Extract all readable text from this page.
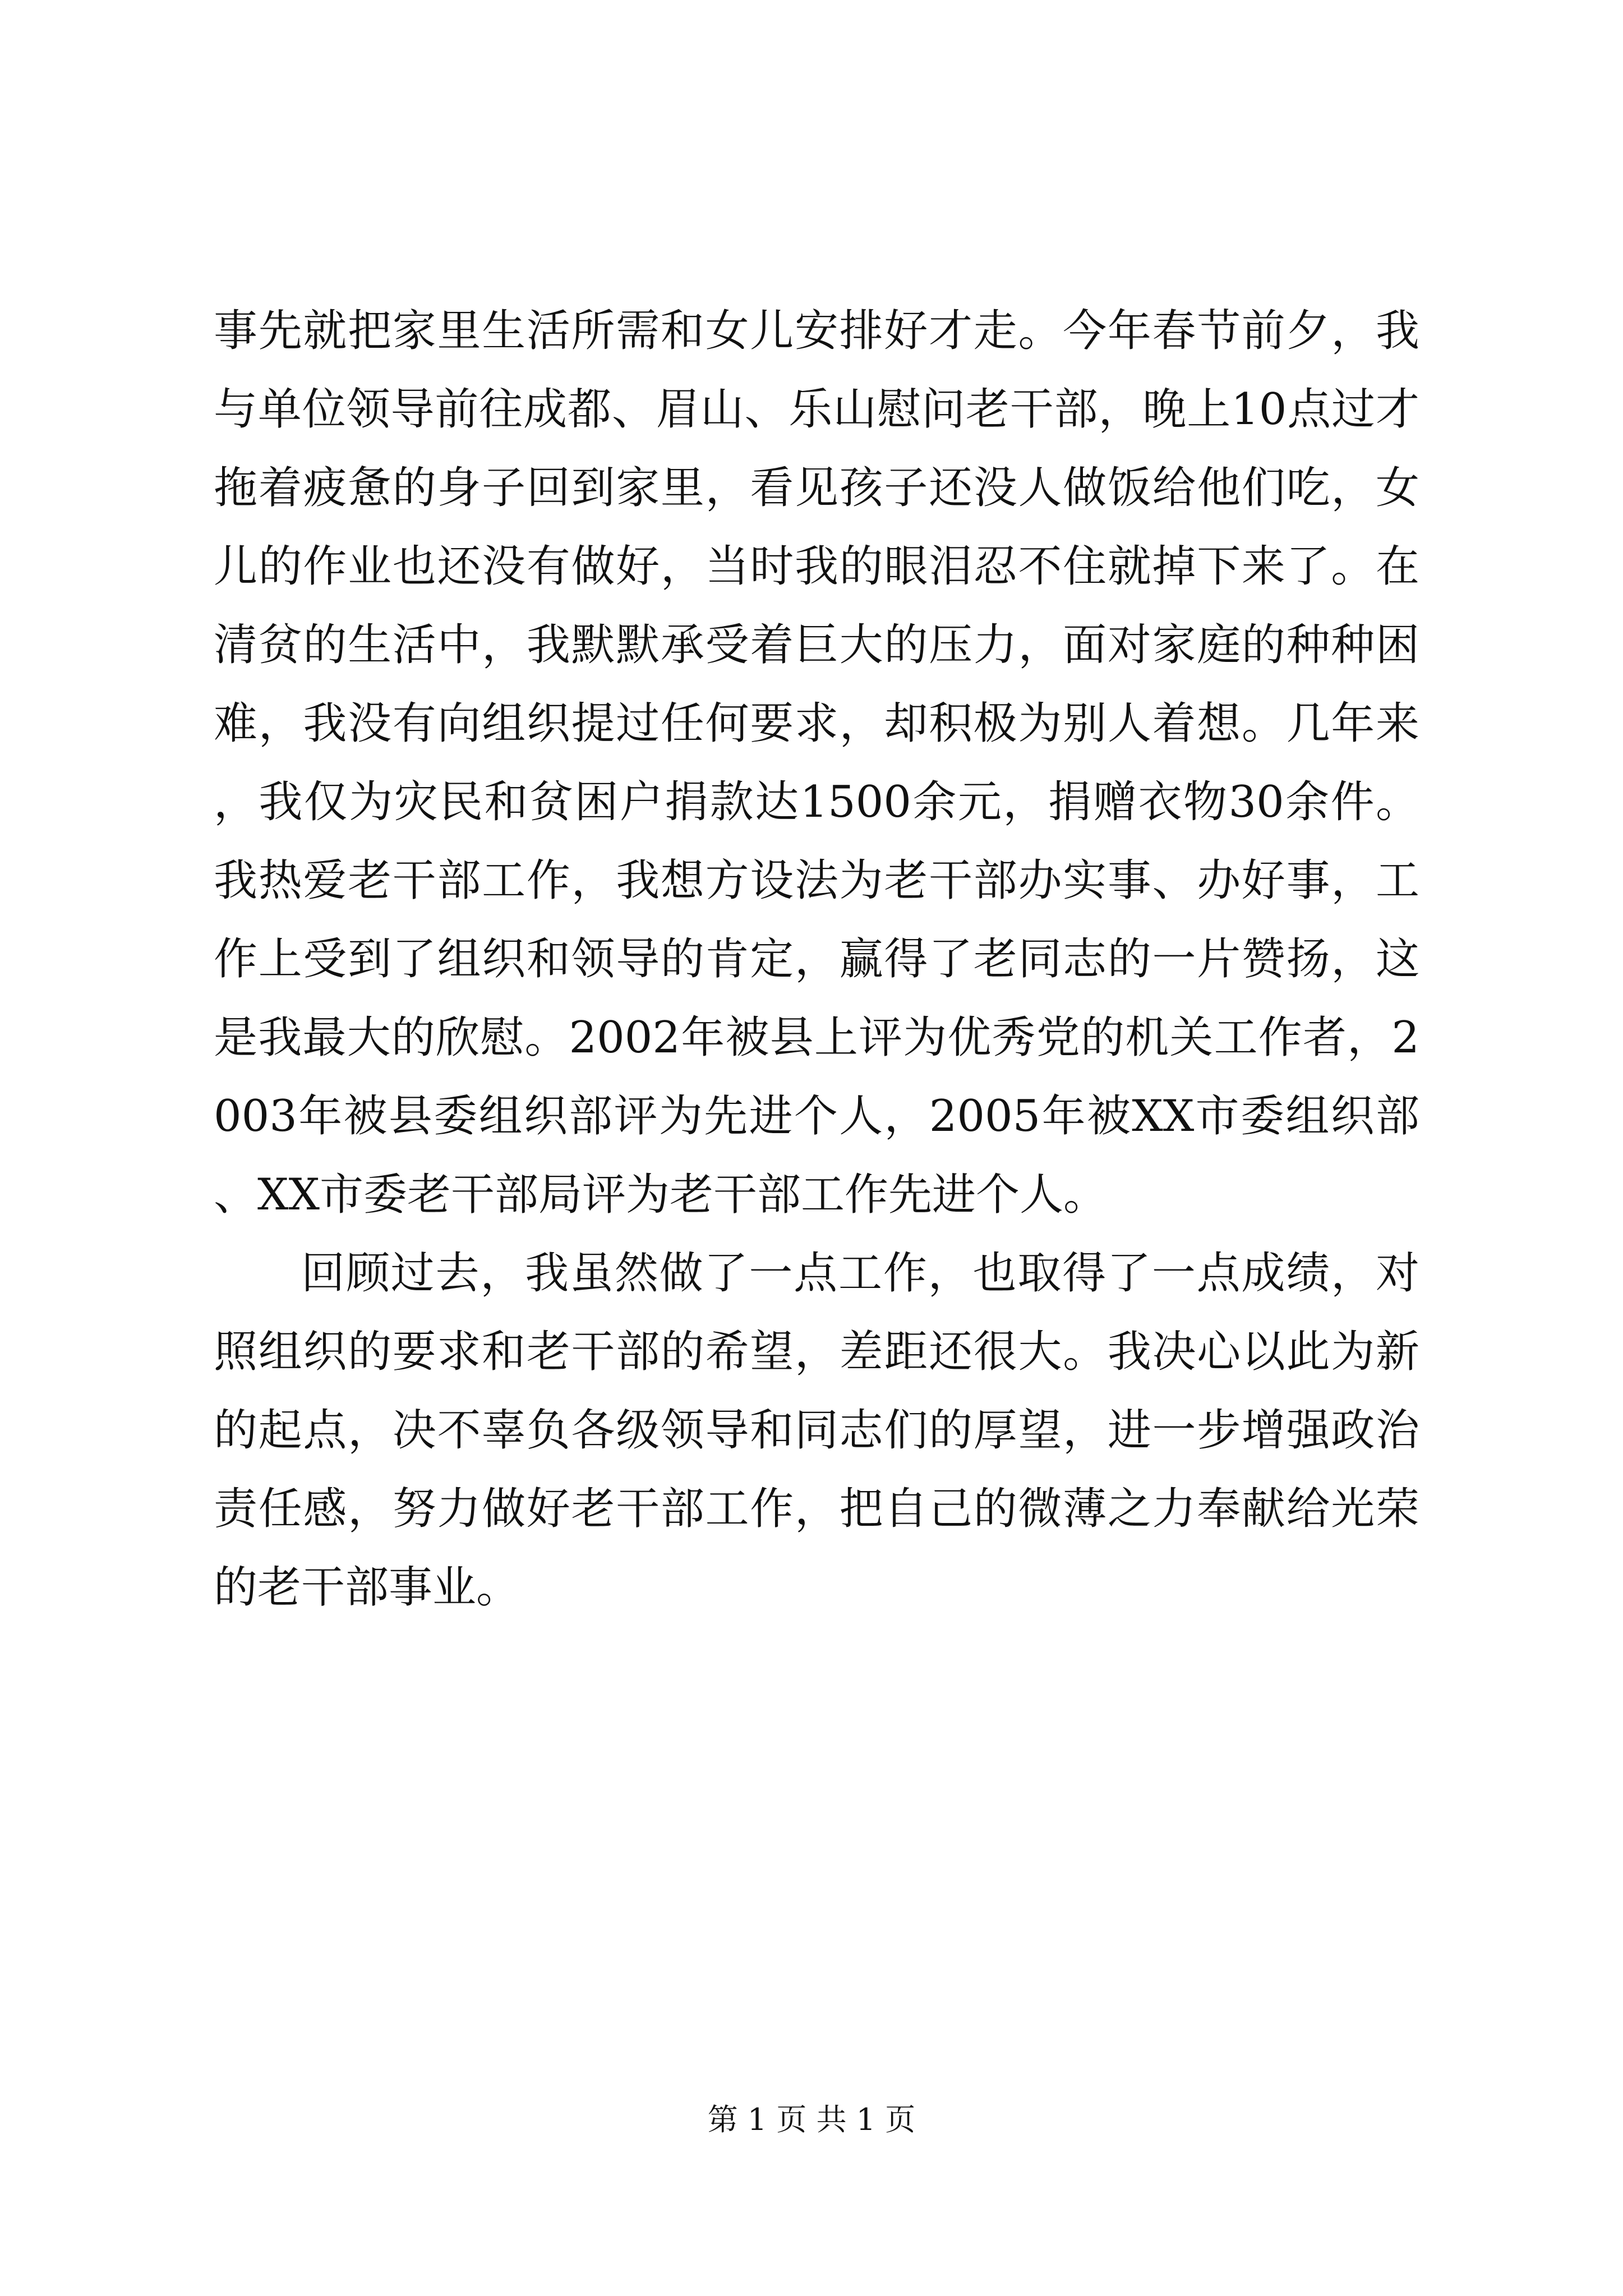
事先就把家里生活所需和女儿安排好才走。今年春节前夕，我与单位领导前往成都、眉山、乐山慰问老干部，晚上10点过才拖着疲惫的身子回到家里，看见孩子还没人做饭给他们吃，女儿的作业也还没有做好，当时我的眼泪忍不住就掉下来了。在清贫的生活中，我默默承受着巨大的压力，面对家庭的种种困难，我没有向组织提过任何要求，却积极为别人着想。几年来，我仅为灾民和贫困户捐款达1500余元，捐赠衣物30余件。我热爱老干部工作，我想方设法为老干部办实事、办好事，工作上受到了组织和领导的肯定，赢得了老同志的一片赞扬，这是我最大的欣慰。2002年被县上评为优秀党的机关工作者，2003年被县委组织部评为先进个人，2005年被XX市委组织部、XX市委老干部局评为老干部工作先进个人。

回顾过去，我虽然做了一点工作，也取得了一点成绩，对照组织的要求和老干部的希望，差距还很大。我决心以此为新的起点，决不辜负各级领导和同志们的厚望，进一步增强政治责任感，努力做好老干部工作，把自己的微薄之力奉献给光荣的老干部事业。

第 1 页 共 1 页
